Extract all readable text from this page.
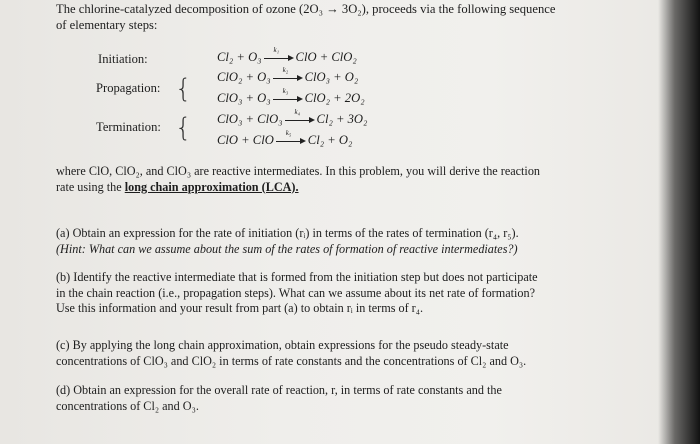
The chlorine-catalyzed decomposition of ozone (2O₃ → 3O₂), proceeds via the following sequence
of elementary steps:
Initiation:
Propagation: {
Termination: {
Cl₂ + O₃ k₁ ClO + ClO₂
ClO₂ + O₃ k₂ ClO₃ + O₂
ClO₃ + O₃ k₃ ClO₂ + 2O₂
ClO₃ + ClO₃ k₄ Cl₂ + 3O₂
ClO + ClO k₅ Cl₂ + O₂
where ClO, ClO₂, and ClO₃ are reactive intermediates. In this problem, you will derive the reaction
rate using the long chain approximation (LCA).
(a) Obtain an expression for the rate of initiation (rᵢ) in terms of the rates of termination (r₄, r₅).
(Hint: What can we assume about the sum of the rates of formation of reactive intermediates?)
(b) Identify the reactive intermediate that is formed from the initiation step but does not participate
in the chain reaction (i.e., propagation steps). What can we assume about its net rate of formation?
Use this information and your result from part (a) to obtain rᵢ in terms of r₄.
(c) By applying the long chain approximation, obtain expressions for the pseudo steady-state
concentrations of ClO₃ and ClO₂ in terms of rate constants and the concentrations of Cl₂ and O₃.
(d) Obtain an expression for the overall rate of reaction, r, in terms of rate constants and the
concentrations of Cl₂ and O₃.
